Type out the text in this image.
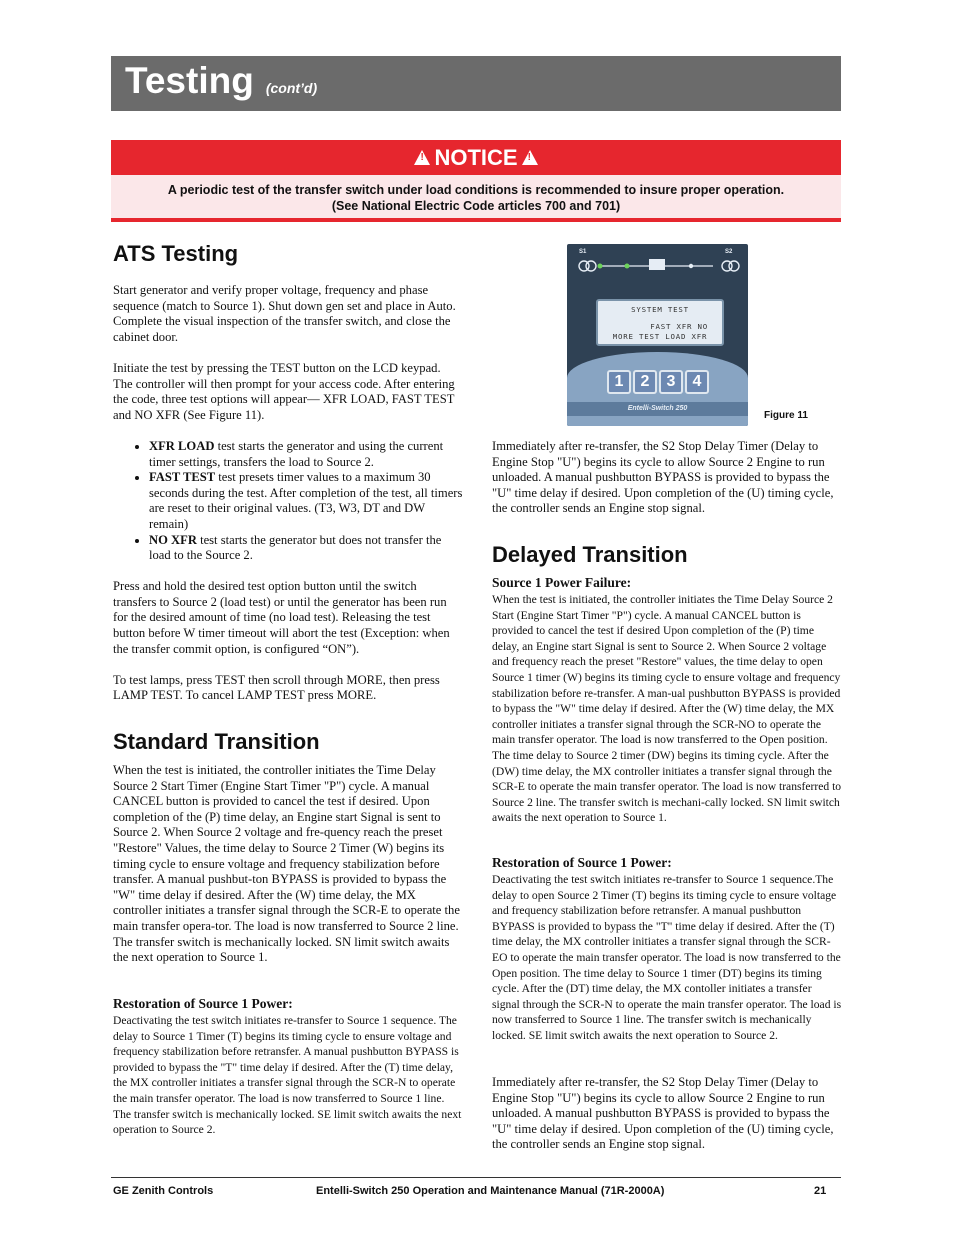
Testing (cont’d)
!
NOTICE
!
A periodic test of the transfer switch under load conditions is recommended to insure proper operation.
(See National Electric Code articles 700 and 701)
ATS Testing

Start generator and verify proper voltage, frequency and phase sequence (match to Source 1). Shut down gen set and place in Auto. Complete the visual inspection of the transfer switch, and close the cabinet door.

Initiate the test by pressing the TEST button on the LCD keypad. The controller will then prompt for your access code. After entering the code, three test options will appear— XFR LOAD, FAST TEST and NO XFR (See Figure 11).

• XFR LOAD test starts the generator and using the current timer settings, transfers the load to Source 2.
• FAST TEST test presets timer values to a maximum 30 seconds during the test. After completion of the test, all timers are reset to their original values. (T3, W3, DT and DW remain)
• NO XFR test starts the generator but does not transfer the load to the Source 2.

Press and hold the desired test option button until the switch transfers to Source 2 (load test) or until the generator has been run for the desired amount of time (no load test). Releasing the test button before W timer timeout will abort the test (Exception: when the transfer commit option, is configured “ON”).

To test lamps, press TEST then scroll through MORE, then press LAMP TEST. To cancel LAMP TEST press MORE.

Standard Transition

When the test is initiated, the controller initiates the Time Delay Source 2 Start Timer (Engine Start Timer "P") cycle. A manual CANCEL button is provided to cancel the test if desired. Upon completion of the (P) time delay, an Engine start Signal is sent to Source 2. When Source 2 voltage and fre-quency reach the preset "Restore" Values, the time delay to Source 2 Timer (W) begins its timing cycle to ensure voltage and frequency stabilization before transfer. A manual pushbut-ton BYPASS is provided to bypass the "W" time delay if desired. After the (W) time delay, the MX controller initiates a transfer signal through the SCR-E to operate the main transfer opera-tor. The load is now transferred to Source 2 line. The transfer switch is mechanically locked. SN limit switch awaits the next operation to Source 1.

Restoration of Source 1 Power:
Deactivating the test switch initiates re-transfer to Source 1 sequence. The delay to Source 1 Timer (T) begins its timing cycle to ensure voltage and frequency stabilization before retransfer. A manual pushbutton BYPASS is provided to bypass the "T" time delay if desired. After the (T) time delay, the MX controller initiates a transfer signal through the SCR-N to operate the main transfer operator. The load is now transferred to Source 1 line. The transfer switch is mechanically locked. SE limit switch awaits the next operation to Source 2.
S1	S2
SYSTEM TEST
FAST XFR NO
MORE TEST LOAD XFR
1	2	3	4
Entelli-Switch 250
Figure 11
Immediately after re-transfer, the S2 Stop Delay Timer (Delay to Engine Stop "U") begins its cycle to allow Source 2 Engine to run unloaded. A manual pushbutton BYPASS is provided to bypass the "U" time delay if desired. Upon completion of the (U) timing cycle, the controller sends an Engine stop signal.
Delayed Transition
Source 1 Power Failure:
When the test is initiated, the controller initiates the Time Delay Source 2 Start (Engine Start Timer "P") cycle. A manual CANCEL button is provided to cancel the test if desired Upon completion of the (P) time delay, an Engine start Signal is sent to Source 2. When Source 2 voltage and frequency reach the preset "Restore" values, the time delay to open Source 1 timer (W) begins its timing cycle to ensure voltage and frequency stabilization before re-transfer. A man-ual pushbutton BYPASS is provided to bypass the "W" time delay if desired. After the (W) time delay, the MX controller initiates a transfer signal through the SCR-NO to operate the main transfer operator. The load is now transferred to the Open position. The time delay to Source 2 timer (DW) begins its timing cycle. After the (DW) time delay, the MX controller initiates a transfer signal through the SCR-E to operate the main transfer operator. The load is now transferred to Source 2 line. The transfer switch is mechani-cally locked. SN limit switch awaits the next operation to Source 1.
Restoration of Source 1 Power:
Deactivating the test switch initiates re-transfer to Source 1 sequence.The delay to open Source 2 Timer (T) begins its timing cycle to ensure voltage and frequency stabilization before retransfer. A manual pushbutton BYPASS is provided to bypass the "T" time delay if desired. After the (T) time delay, the MX controller initiates a transfer signal through the SCR-EO to operate the main transfer operator. The load is now transferred to the Open position. The time delay to Source 1 timer (DT) begins its timing cycle. After the (DT) time delay, the MX contoller initiates a transfer signal through the SCR-N to operate the main transfer operator. The load is now transferred to Source 1 line. The transfer switch is mechanically locked. SE limit switch awaits the next operation to Source 2.
Immediately after re-transfer, the S2 Stop Delay Timer (Delay to Engine Stop "U") begins its cycle to allow Source 2 Engine to run unloaded. A manual pushbutton BYPASS is provided to bypass the "U" time delay if desired. Upon completion of the (U) timing cycle, the controller sends an Engine stop signal.
GE Zenith Controls	Entelli-Switch 250 Operation and Maintenance Manual (71R-2000A)	21
